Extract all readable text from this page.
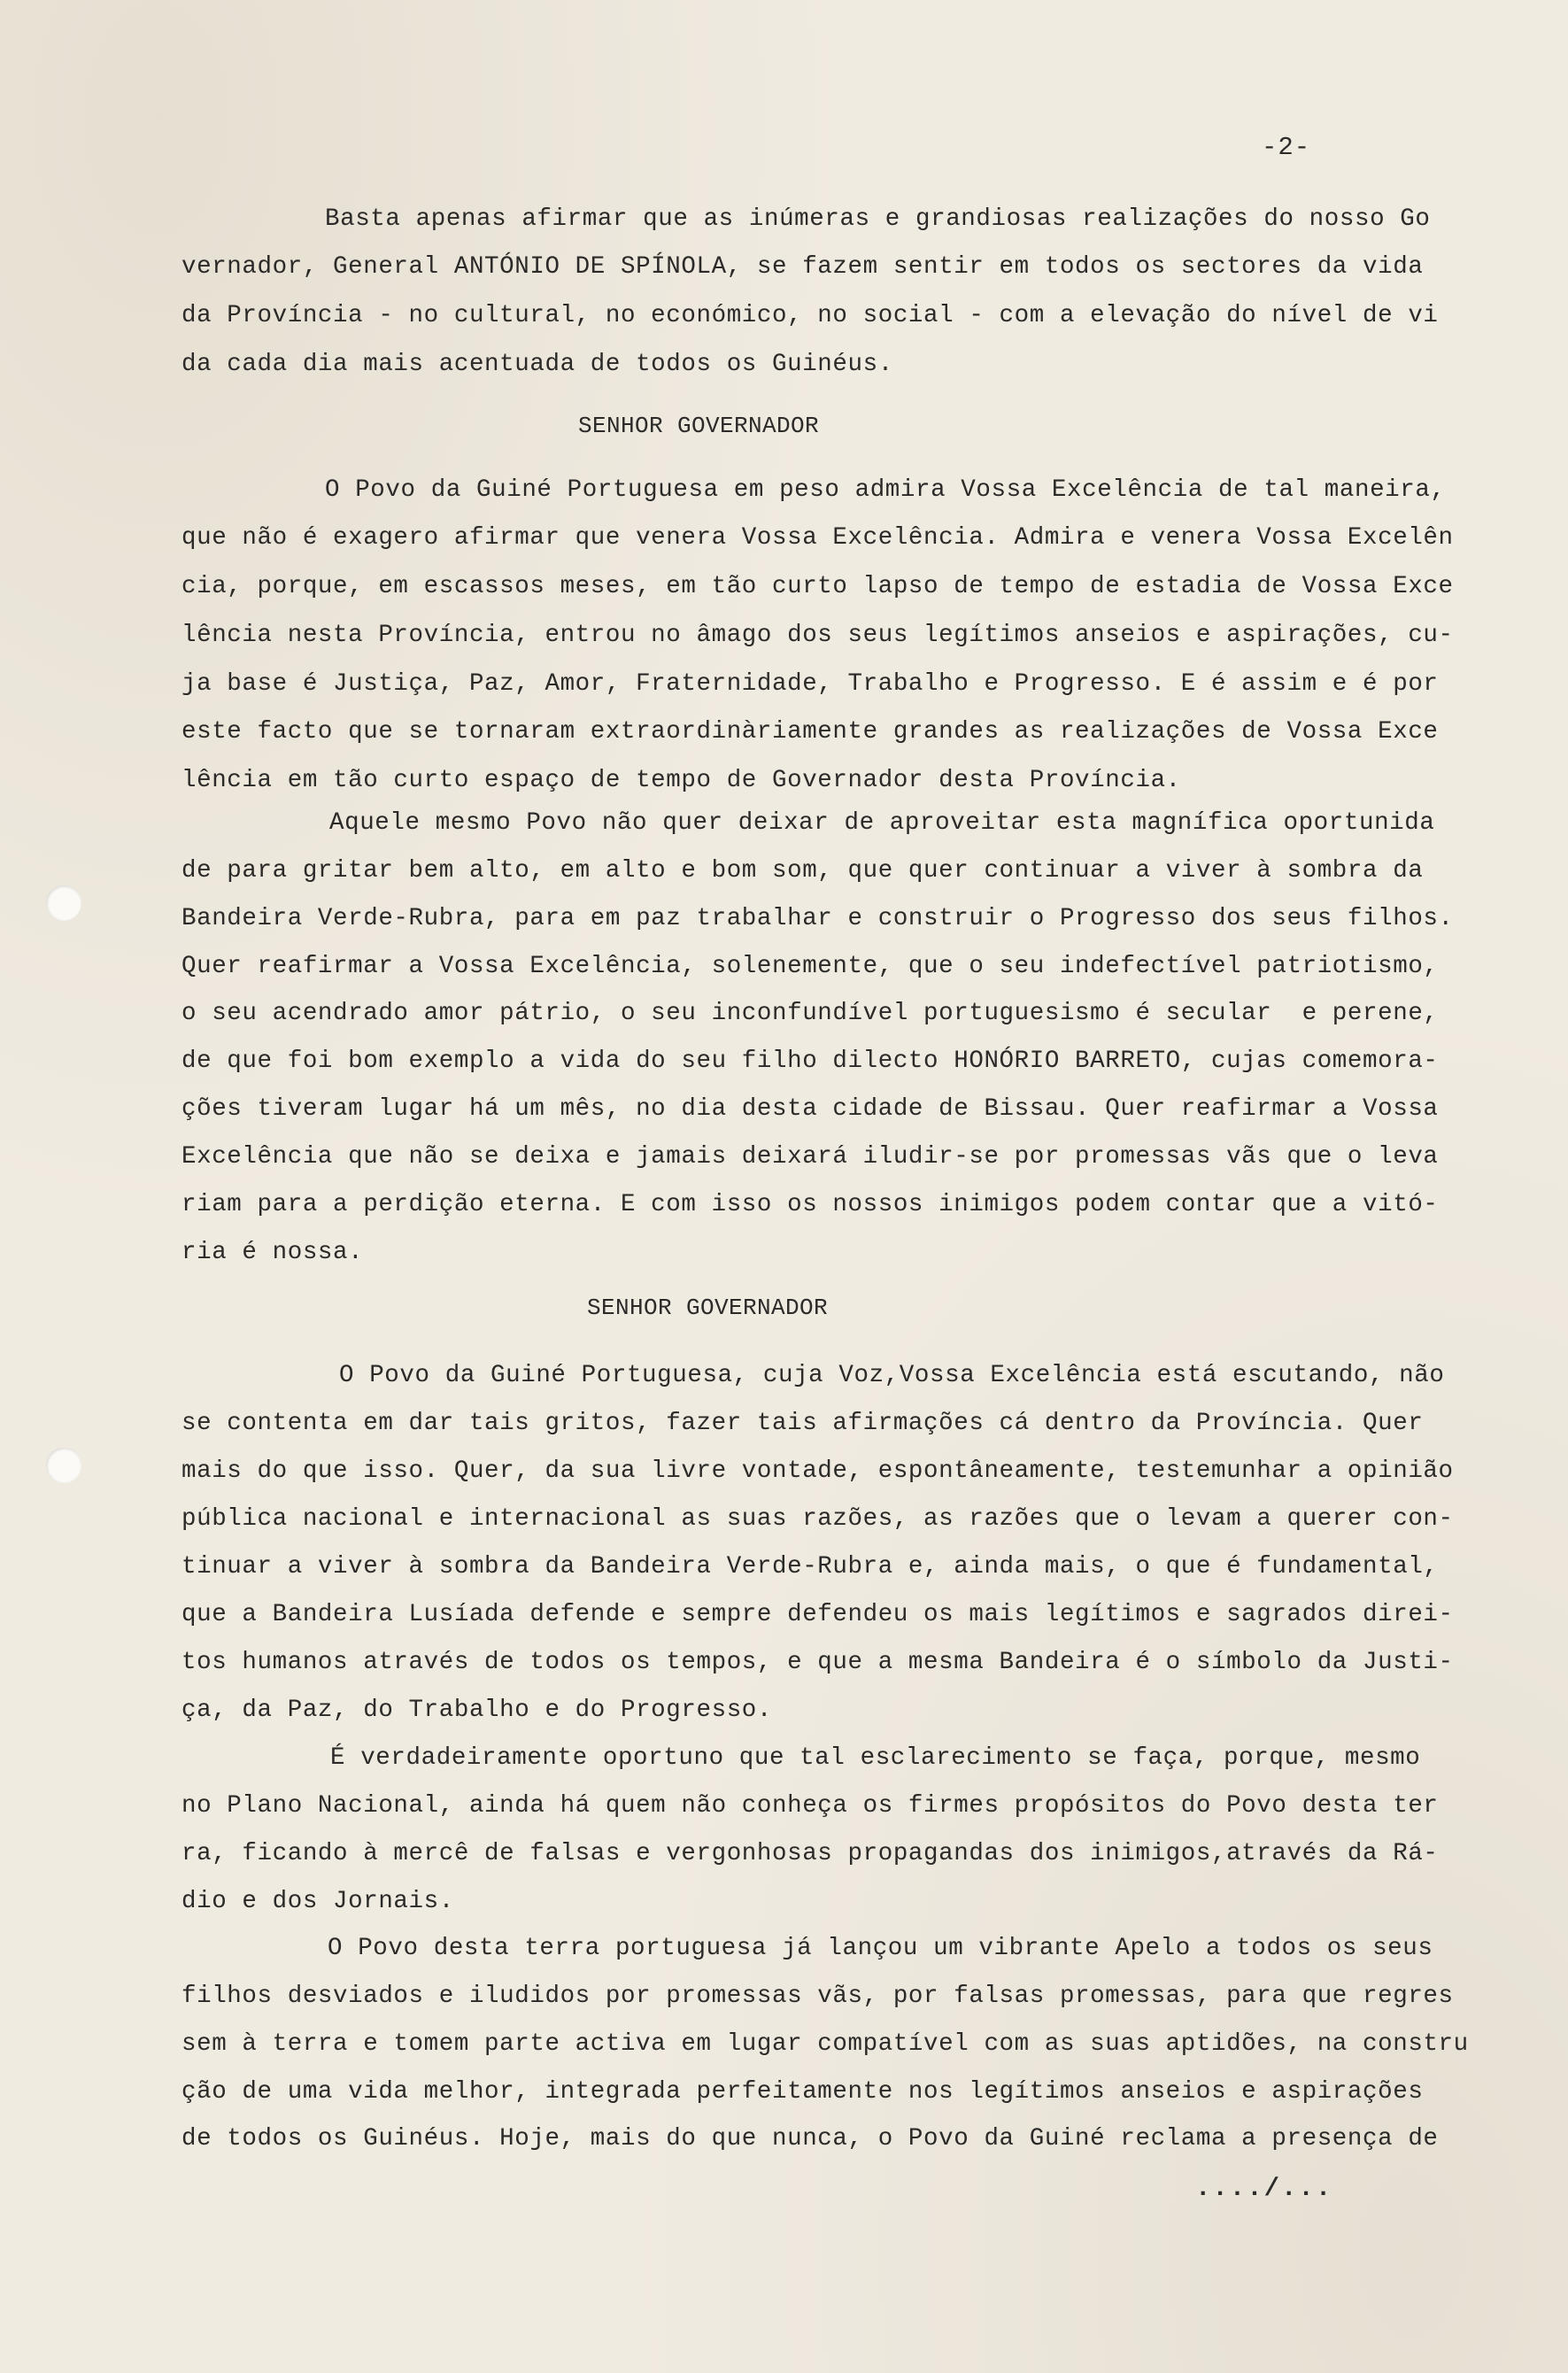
-2-
Basta apenas afirmar que as inúmeras e grandiosas realizações do nosso Go
vernador, General ANTÓNIO DE SPÍNOLA, se fazem sentir em todos os sectores da vida
da Província - no cultural, no económico, no social - com a elevação do nível de vi
da cada dia mais acentuada de todos os Guinéus.
SENHOR GOVERNADOR
O Povo da Guiné Portuguesa em peso admira Vossa Excelência de tal maneira,
que não é exagero afirmar que venera Vossa Excelência. Admira e venera Vossa Excelên
cia, porque, em escassos meses, em tão curto lapso de tempo de estadia de Vossa Exce
lência nesta Província, entrou no âmago dos seus legítimos anseios e aspirações, cu-
ja base é Justiça, Paz, Amor, Fraternidade, Trabalho e Progresso. E é assim e é por
este facto que se tornaram extraordinàriamente grandes as realizações de Vossa Exce
lência em tão curto espaço de tempo de Governador desta Província.
Aquele mesmo Povo não quer deixar de aproveitar esta magnífica oportunida
de para gritar bem alto, em alto e bom som, que quer continuar a viver à sombra da
Bandeira Verde-Rubra, para em paz trabalhar e construir o Progresso dos seus filhos.
Quer reafirmar a Vossa Excelência, solenemente, que o seu indefectível patriotismo,
o seu acendrado amor pátrio, o seu inconfundível portuguesismo é secular  e perene,
de que foi bom exemplo a vida do seu filho dilecto HONÓRIO BARRETO, cujas comemora-
ções tiveram lugar há um mês, no dia desta cidade de Bissau. Quer reafirmar a Vossa
Excelência que não se deixa e jamais deixará iludir-se por promessas vãs que o leva
riam para a perdição eterna. E com isso os nossos inimigos podem contar que a vitó-
ria é nossa.
SENHOR GOVERNADOR
O Povo da Guiné Portuguesa, cuja Voz,Vossa Excelência está escutando, não
se contenta em dar tais gritos, fazer tais afirmações cá dentro da Província. Quer
mais do que isso. Quer, da sua livre vontade, espontâneamente, testemunhar a opinião
pública nacional e internacional as suas razões, as razões que o levam a querer con-
tinuar a viver à sombra da Bandeira Verde-Rubra e, ainda mais, o que é fundamental,
que a Bandeira Lusíada defende e sempre defendeu os mais legítimos e sagrados direi-
tos humanos através de todos os tempos, e que a mesma Bandeira é o símbolo da Justi-
ça, da Paz, do Trabalho e do Progresso.
É verdadeiramente oportuno que tal esclarecimento se faça, porque, mesmo
no Plano Nacional, ainda há quem não conheça os firmes propósitos do Povo desta ter
ra, ficando à mercê de falsas e vergonhosas propagandas dos inimigos,através da Rá-
dio e dos Jornais.
O Povo desta terra portuguesa já lançou um vibrante Apelo a todos os seus
filhos desviados e iludidos por promessas vãs, por falsas promessas, para que regres
sem à terra e tomem parte activa em lugar compatível com as suas aptidões, na constru
ção de uma vida melhor, integrada perfeitamente nos legítimos anseios e aspirações
de todos os Guinéus. Hoje, mais do que nunca, o Povo da Guiné reclama a presença de
..../...
